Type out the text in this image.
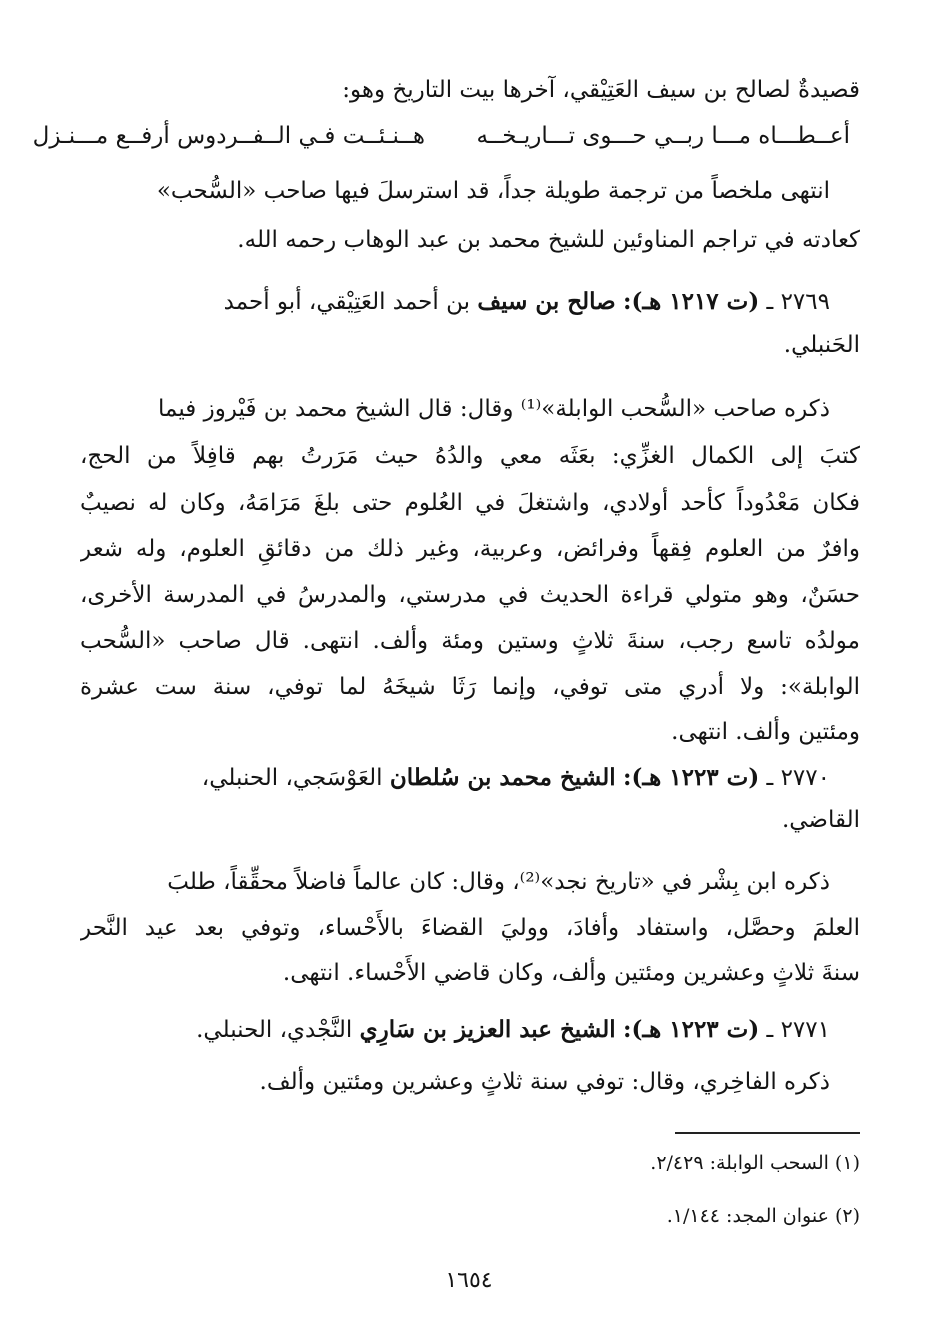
قصيدةٌ لصالح بن سيف العَتِيْقي، آخرها بيت التاريخ وهو:
أعــطـــاه مـــا ربــي حـــوى تـــاريـخــه
هــنـئــت فـي الــفــردوس أرفــع مـــنـزل
انتهى ملخصاً من ترجمة طويلة جداً، قد استرسلَ فيها صاحب «السُّحب»
كعادته في تراجم المناوئين للشيخ محمد بن عبد الوهاب رحمه الله.
٢٧٦٩ ـ (ت ١٢١٧ هـ): صالح بن سيف بن أحمد العَتِيْقي، أبو أحمد
الحَنبلي.
ذكره صاحب «السُّحب الوابلة»⁽¹⁾ وقال: قال الشيخ محمد بن فَيْروز فيما
كتبَ إلى الكمال الغزِّي: بعَثَه معي والدُهُ حيث مَرَرتُ بهم قافِلاً من الحج،
فكان مَعْدُوداً كأحد أولادي، واشتغلَ في العُلوم حتى بلغَ مَرَامَهُ، وكان له نصيبٌ
وافرٌ من العلوم فِقهاً وفرائض، وعربية، وغير ذلك من دقائقِ العلوم، وله شعر
حسَنٌ، وهو متولي قراءة الحديث في مدرستي، والمدرسُ في المدرسة الأخرى،
مولدُه تاسع رجب، سنةَ ثلاثٍ وستين ومئة وألف. انتهى. قال صاحب «السُّحب
الوابلة»: ولا أدري متى توفي، وإنما رَثَا شيخَهُ لما توفي، سنة ست عشرة
ومئتين وألف. انتهى.
٢٧٧٠ ـ (ت ١٢٢٣ هـ): الشيخ محمد بن سُلطان العَوْسَجي، الحنبلي،
القاضي.
ذكره ابن بِشْر في «تاريخ نجد»⁽²⁾، وقال: كان عالماً فاضلاً محقِّقاً، طلبَ
العلمَ وحصَّل، واستفاد وأفادَ، ووليَ القضاءَ بالأَحْساء، وتوفي بعد عيد النَّحر
سنةَ ثلاثٍ وعشرين ومئتين وألف، وكان قاضي الأَحْساء. انتهى.
٢٧٧١ ـ (ت ١٢٢٣ هـ): الشيخ عبد العزيز بن سَارِي النَّجْدي، الحنبلي.
ذكره الفاخِري، وقال: توفي سنة ثلاثٍ وعشرين ومئتين وألف.
(١) السحب الوابلة: ٢/٤٢٩.
(٢) عنوان المجد: ١/١٤٤.
١٦٥٤
